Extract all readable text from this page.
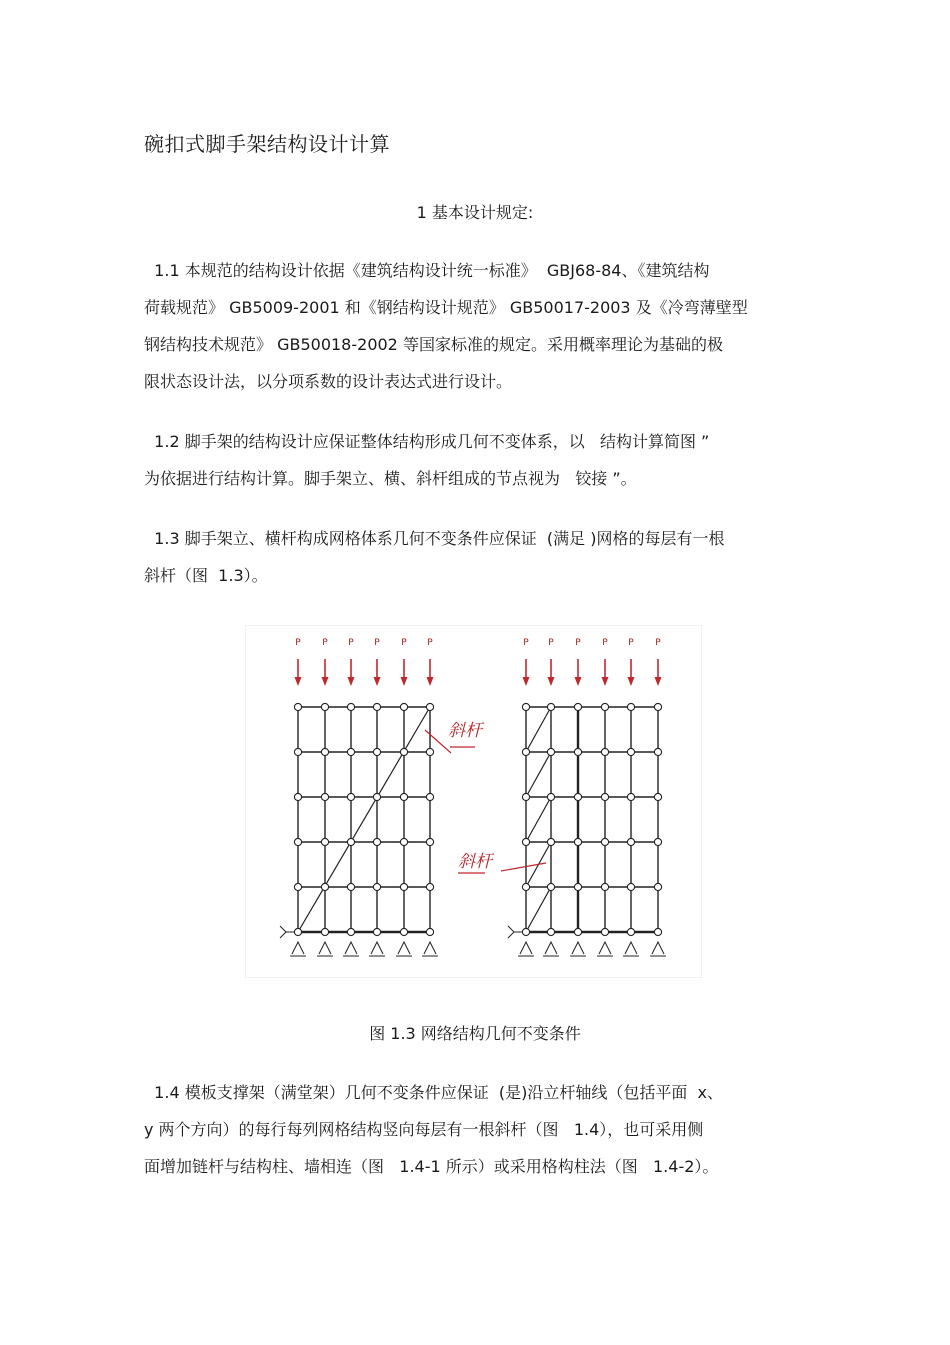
碗扣式脚手架结构设计计算
1 基本设计规定:
1.1 本规范的结构设计依据《建筑结构设计统一标准》  GBJ68-84、《建筑结构
荷载规范》 GB5009-2001 和《钢结构设计规范》 GB50017-2003 及《冷弯薄壁型
钢结构技术规范》 GB50018-2002 等国家标准的规定。采用概率理论为基础的极
限状态设计法，以分项系数的设计表达式进行设计。
1.2 脚手架的结构设计应保证整体结构形成几何不变体系，以   结构计算简图 ”
为依据进行结构计算。脚手架立、横、斜杆组成的节点视为   铰接 ”。
1.3 脚手架立、横杆构成网格体系几何不变条件应保证  (满足 )网格的每层有一根
斜杆（图  1.3）。
P P P P P P
斜杆
P P P P P P
斜杆
图 1.3 网络结构几何不变条件
1.4 模板支撑架（满堂架）几何不变条件应保证  (是)沿立杆轴线（包括平面  x、
y 两个方向）的每行每列网格结构竖向每层有一根斜杆（图   1.4），也可采用侧
面增加链杆与结构柱、墙相连（图   1.4-1 所示）或采用格构柱法（图   1.4-2）。
